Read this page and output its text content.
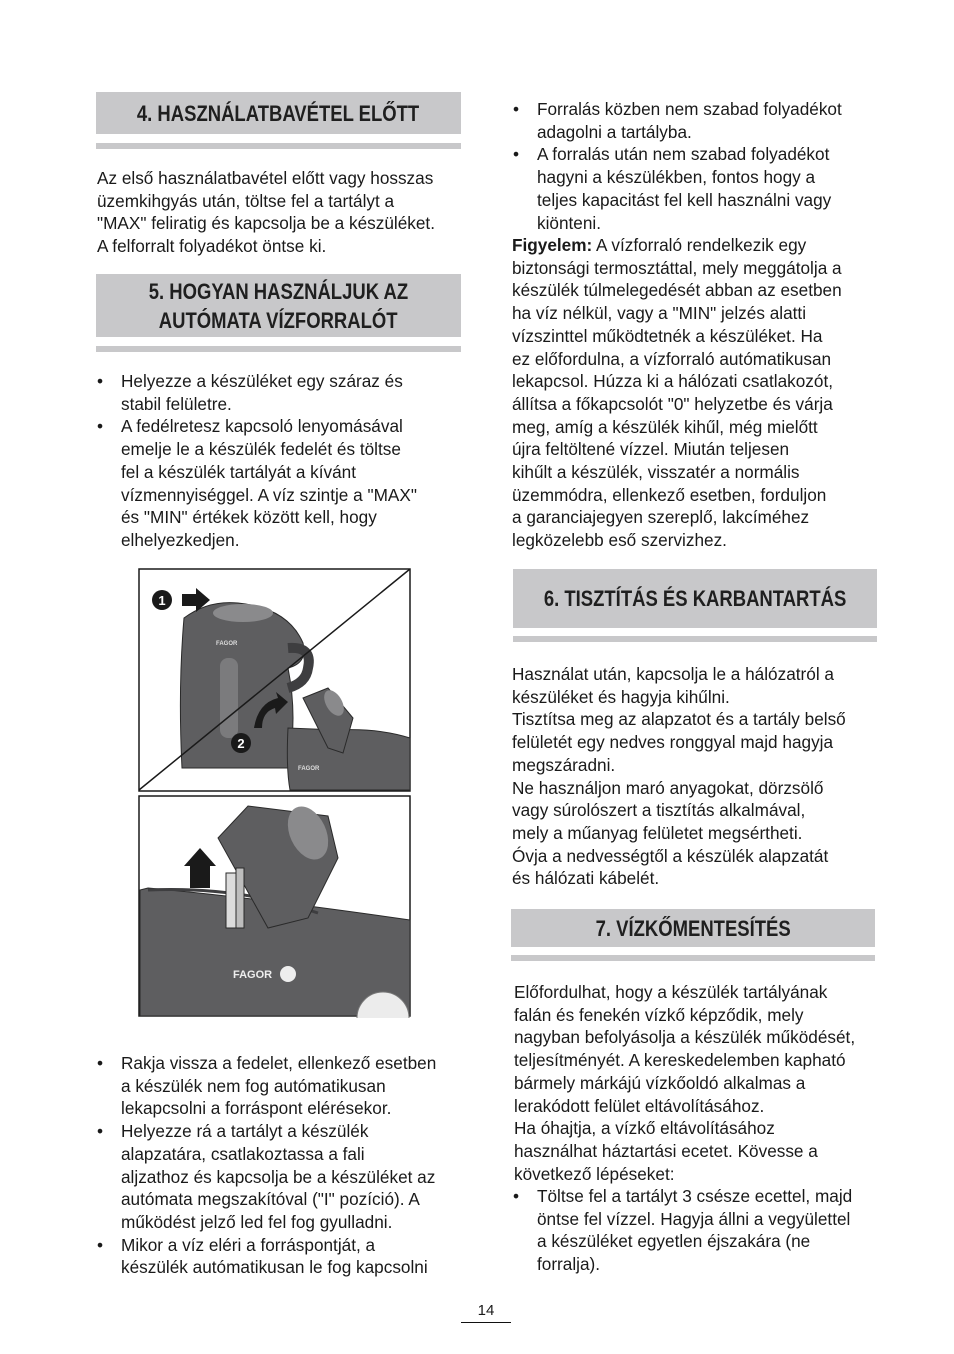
4. HASZNÁLATBAVÉTEL ELŐTT
Az első használatbavétel előtt vagy hosszas
üzemkihgyás után, töltse fel a tartályt a
"MAX" feliratig és kapcsolja be a készüléket.
A felforralt folyadékot öntse ki.
5. HOGYAN HASZNÁLJUK AZ
AUTÓMATA VÍZFORRALÓT
• Helyezze a készüléket egy száraz és
stabil felületre.
• A fedélretesz kapcsoló lenyomásával
emelje le a készülék fedelét és töltse
fel a készülék tartályát a kívánt
vízmennyiséggel. A víz szintje a "MAX"
és "MIN" értékek között kell, hogy
elhelyezkedjen.
FAGOR
1
FAGOR
2
FAGOR
• Rakja vissza a fedelet, ellenkező esetben
a készülék nem fog autómatikusan
lekapcsolni a forráspont elérésekor.
• Helyezze rá a tartályt a készülék
alapzatára, csatlakoztassa a fali
aljzathoz és kapcsolja be a készüléket az
autómata megszakítóval ("I" pozíció). A
működést jelző led fel fog gyulladni.
• Mikor a víz eléri a forráspontját, a
készülék autómatikusan le fog kapcsolni
• Forralás közben nem szabad folyadékot
adagolni a tartályba.
• A forralás után nem szabad folyadékot
hagyni a készülékben, fontos hogy a
teljes kapacitást fel kell használni vagy
kiönteni.
Figyelem: A vízforraló rendelkezik egy
biztonsági termosztáttal, mely meggátolja a
készülék túlmelegedését abban az esetben
ha víz nélkül, vagy a "MIN" jelzés alatti
vízszinttel működtetnék a készüléket. Ha
ez előfordulna, a vízforraló autómatikusan
lekapcsol. Húzza ki a hálózati csatlakozót,
állítsa a főkapcsolót "0" helyzetbe és várja
meg, amíg a készülék kihűl, még mielőtt
újra feltöltené vízzel. Miután teljesen
kihűlt a készülék, visszatér a normális
üzemmódra, ellenkező esetben, forduljon
a garanciajegyen szereplő, lakcíméhez
legközelebb eső szervizhez.
6. TISZTÍTÁS ÉS KARBANTARTÁS
Használat után, kapcsolja le a hálózatról a
készüléket és hagyja kihűlni.
Tisztítsa meg az alapzatot és a tartály belső
felületét egy nedves ronggyal majd hagyja
megszáradni.
Ne használjon maró anyagokat, dörzsölő
vagy súrolószert a tisztítás alkalmával,
mely a műanyag felületet megsértheti.
Óvja a nedvességtől a készülék alapzatát
és hálózati kábelét.
7. VÍZKŐMENTESÍTÉS
Előfordulhat, hogy a készülék tartályának
falán és fenekén vízkő képződik, mely
nagyban befolyásolja a készülék működését,
teljesítményét. A kereskedelemben kapható
bármely márkájú vízkőoldó alkalmas a
lerakódott felület eltávolításához.
Ha óhajtja, a vízkő eltávolításához
használhat háztartási ecetet. Kövesse a
következő lépéseket:
• Töltse fel a tartályt 3 csésze ecettel, majd
öntse fel vízzel. Hagyja állni a vegyülettel
a készüléket egyetlen éjszakára (ne
forralja).
14
